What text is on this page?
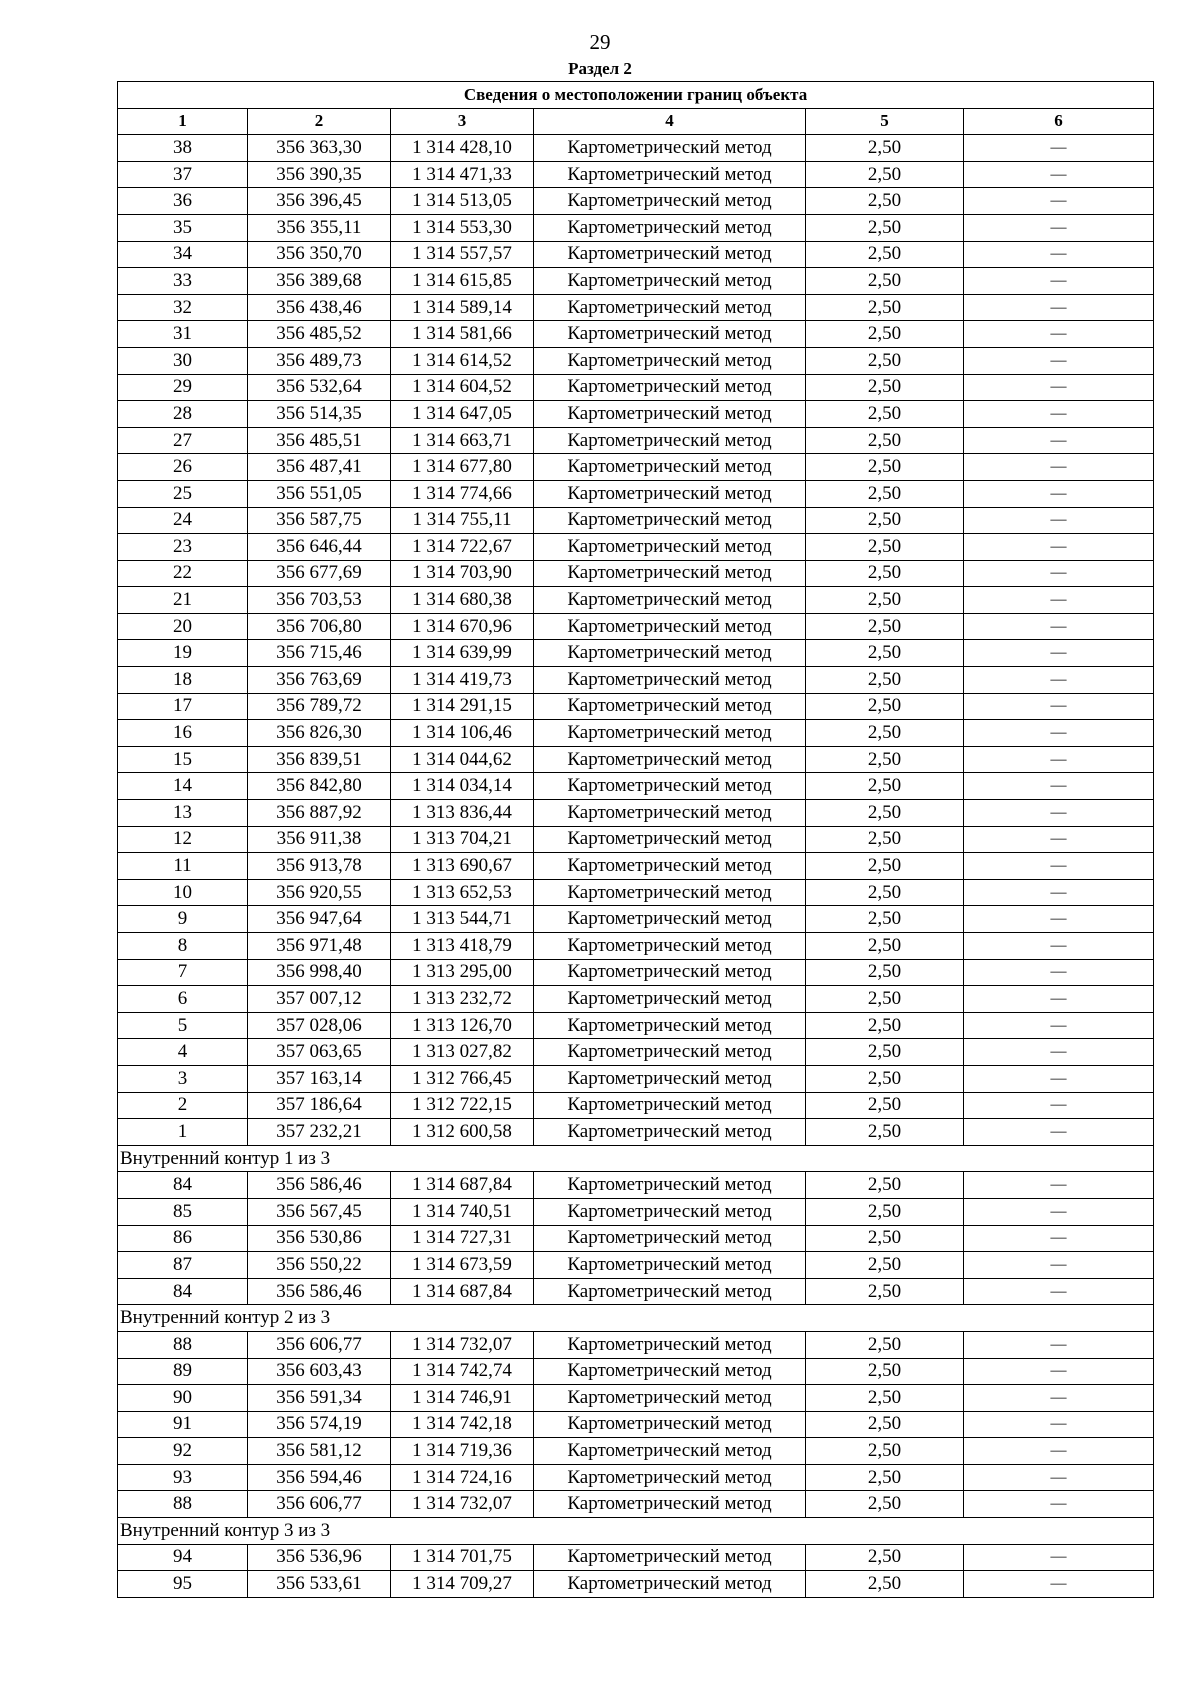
29
Раздел 2
Сведения о местоположении границ объекта					
1	2	3	4	5	6
38	356 363,30	1 314 428,10	Картометрический метод	2,50	—
37	356 390,35	1 314 471,33	Картометрический метод	2,50	—
36	356 396,45	1 314 513,05	Картометрический метод	2,50	—
35	356 355,11	1 314 553,30	Картометрический метод	2,50	—
34	356 350,70	1 314 557,57	Картометрический метод	2,50	—
33	356 389,68	1 314 615,85	Картометрический метод	2,50	—
32	356 438,46	1 314 589,14	Картометрический метод	2,50	—
31	356 485,52	1 314 581,66	Картометрический метод	2,50	—
30	356 489,73	1 314 614,52	Картометрический метод	2,50	—
29	356 532,64	1 314 604,52	Картометрический метод	2,50	—
28	356 514,35	1 314 647,05	Картометрический метод	2,50	—
27	356 485,51	1 314 663,71	Картометрический метод	2,50	—
26	356 487,41	1 314 677,80	Картометрический метод	2,50	—
25	356 551,05	1 314 774,66	Картометрический метод	2,50	—
24	356 587,75	1 314 755,11	Картометрический метод	2,50	—
23	356 646,44	1 314 722,67	Картометрический метод	2,50	—
22	356 677,69	1 314 703,90	Картометрический метод	2,50	—
21	356 703,53	1 314 680,38	Картометрический метод	2,50	—
20	356 706,80	1 314 670,96	Картометрический метод	2,50	—
19	356 715,46	1 314 639,99	Картометрический метод	2,50	—
18	356 763,69	1 314 419,73	Картометрический метод	2,50	—
17	356 789,72	1 314 291,15	Картометрический метод	2,50	—
16	356 826,30	1 314 106,46	Картометрический метод	2,50	—
15	356 839,51	1 314 044,62	Картометрический метод	2,50	—
14	356 842,80	1 314 034,14	Картометрический метод	2,50	—
13	356 887,92	1 313 836,44	Картометрический метод	2,50	—
12	356 911,38	1 313 704,21	Картометрический метод	2,50	—
11	356 913,78	1 313 690,67	Картометрический метод	2,50	—
10	356 920,55	1 313 652,53	Картометрический метод	2,50	—
9	356 947,64	1 313 544,71	Картометрический метод	2,50	—
8	356 971,48	1 313 418,79	Картометрический метод	2,50	—
7	356 998,40	1 313 295,00	Картометрический метод	2,50	—
6	357 007,12	1 313 232,72	Картометрический метод	2,50	—
5	357 028,06	1 313 126,70	Картометрический метод	2,50	—
4	357 063,65	1 313 027,82	Картометрический метод	2,50	—
3	357 163,14	1 312 766,45	Картометрический метод	2,50	—
2	357 186,64	1 312 722,15	Картометрический метод	2,50	—
1	357 232,21	1 312 600,58	Картометрический метод	2,50	—
Внутренний контур 1 из 3					
84	356 586,46	1 314 687,84	Картометрический метод	2,50	—
85	356 567,45	1 314 740,51	Картометрический метод	2,50	—
86	356 530,86	1 314 727,31	Картометрический метод	2,50	—
87	356 550,22	1 314 673,59	Картометрический метод	2,50	—
84	356 586,46	1 314 687,84	Картометрический метод	2,50	—
Внутренний контур 2 из 3					
88	356 606,77	1 314 732,07	Картометрический метод	2,50	—
89	356 603,43	1 314 742,74	Картометрический метод	2,50	—
90	356 591,34	1 314 746,91	Картометрический метод	2,50	—
91	356 574,19	1 314 742,18	Картометрический метод	2,50	—
92	356 581,12	1 314 719,36	Картометрический метод	2,50	—
93	356 594,46	1 314 724,16	Картометрический метод	2,50	—
88	356 606,77	1 314 732,07	Картометрический метод	2,50	—
Внутренний контур 3 из 3					
94	356 536,96	1 314 701,75	Картометрический метод	2,50	—
95	356 533,61	1 314 709,27	Картометрический метод	2,50	—
